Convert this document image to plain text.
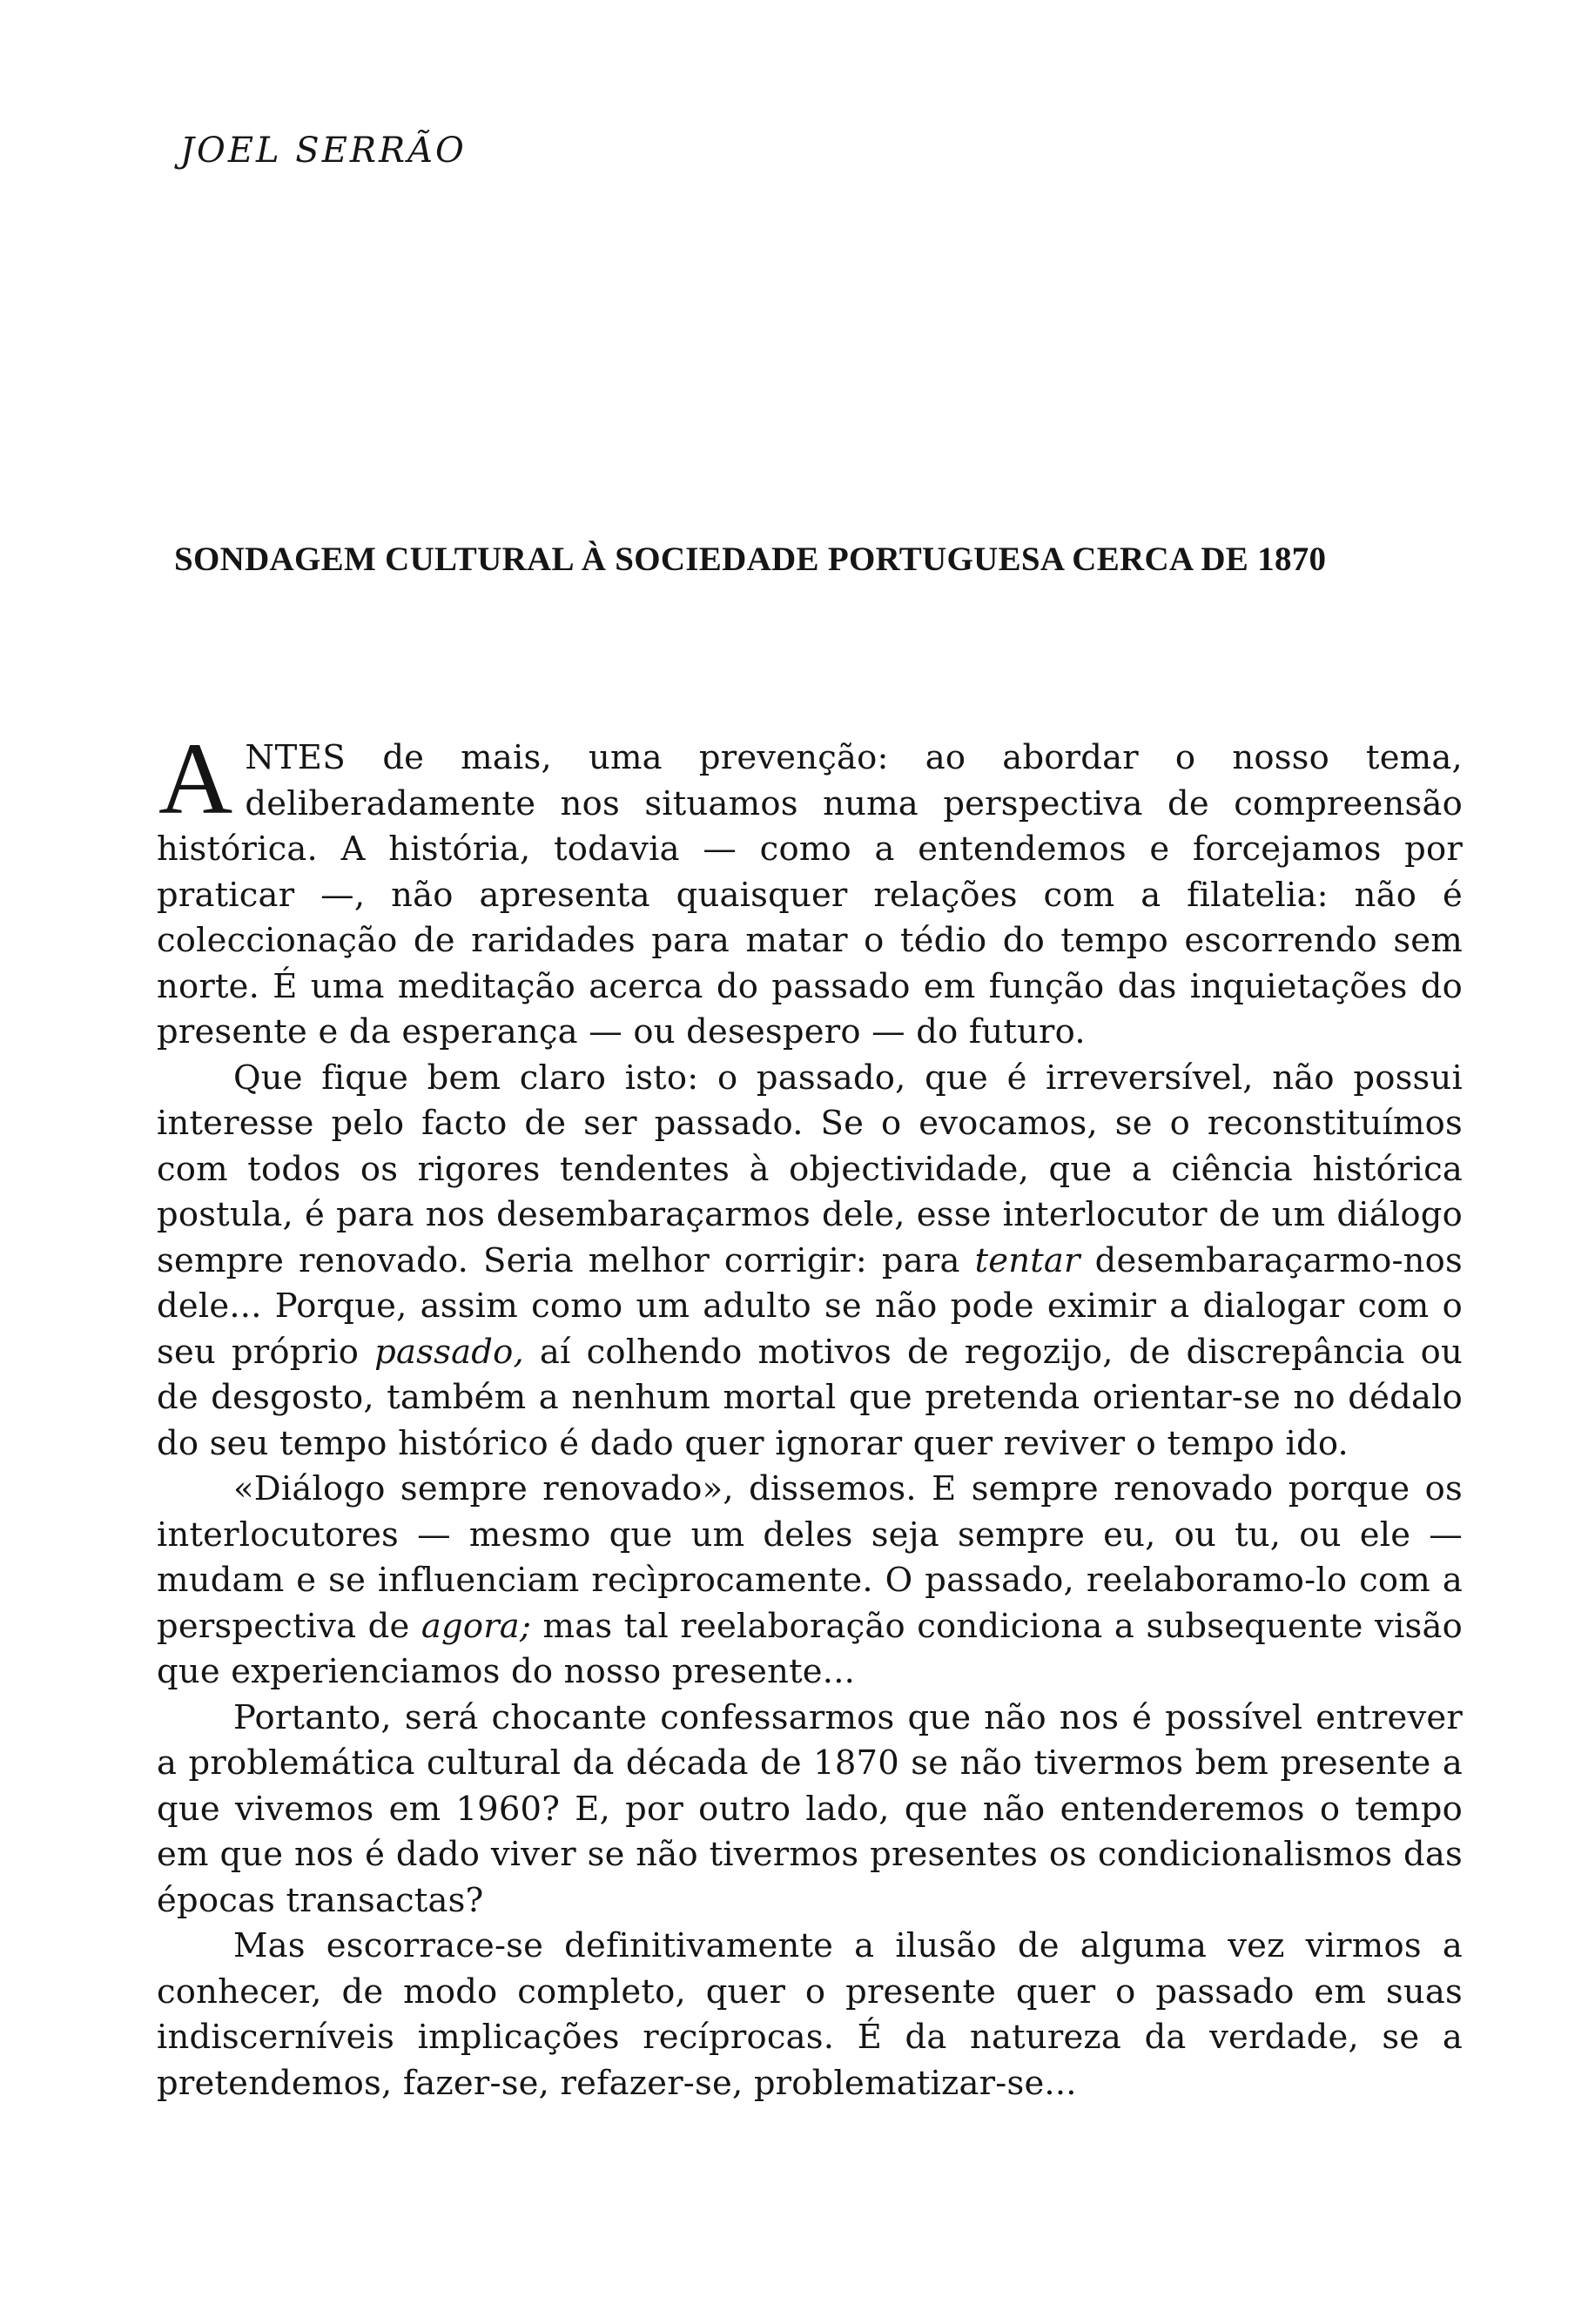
JOEL SERRÃO
SONDAGEM CULTURAL À SOCIEDADE PORTUGUESA CERCA DE 1870

ANTES de mais, uma prevenção: ao abordar o nosso tema, deliberadamente nos situamos numa perspectiva de compreensão histórica. A história, todavia — como a entendemos e forcejamos por praticar —, não apresenta quaisquer relações com a filatelia: não é coleccionação de raridades para matar o tédio do tempo escorrendo sem norte. É uma meditação acerca do passado em função das inquietações do presente e da esperança — ou desespero — do futuro.

Que fique bem claro isto: o passado, que é irreversível, não possui interesse pelo facto de ser passado. Se o evocamos, se o reconstituímos com todos os rigores tendentes à objectividade, que a ciência histórica postula, é para nos desembaraçarmos dele, esse interlocutor de um diálogo sempre renovado. Seria melhor corrigir: para tentar desembaraçarmo-nos dele... Porque, assim como um adulto se não pode eximir a dialogar com o seu próprio passado, aí colhendo motivos de regozijo, de discrepância ou de desgosto, também a nenhum mortal que pretenda orientar-se no dédalo do seu tempo histórico é dado quer ignorar quer reviver o tempo ido.

«Diálogo sempre renovado», dissemos. E sempre renovado porque os interlocutores — mesmo que um deles seja sempre eu, ou tu, ou ele — mudam e se influenciam recìprocamente. O passado, reelaboramo-lo com a perspectiva de agora; mas tal reelaboração condiciona a subsequente visão que experienciamos do nosso presente...

Portanto, será chocante confessarmos que não nos é possível entrever a problemática cultural da década de 1870 se não tivermos bem presente a que vivemos em 1960? E, por outro lado, que não entenderemos o tempo em que nos é dado viver se não tivermos presentes os condicionalismos das épocas transactas?

Mas escorrace-se definitivamente a ilusão de alguma vez virmos a conhecer, de modo completo, quer o presente quer o passado em suas indiscerníveis implicações recíprocas. É da natureza da verdade, se a pretendemos, fazer-se, refazer-se, problematizar-se...
